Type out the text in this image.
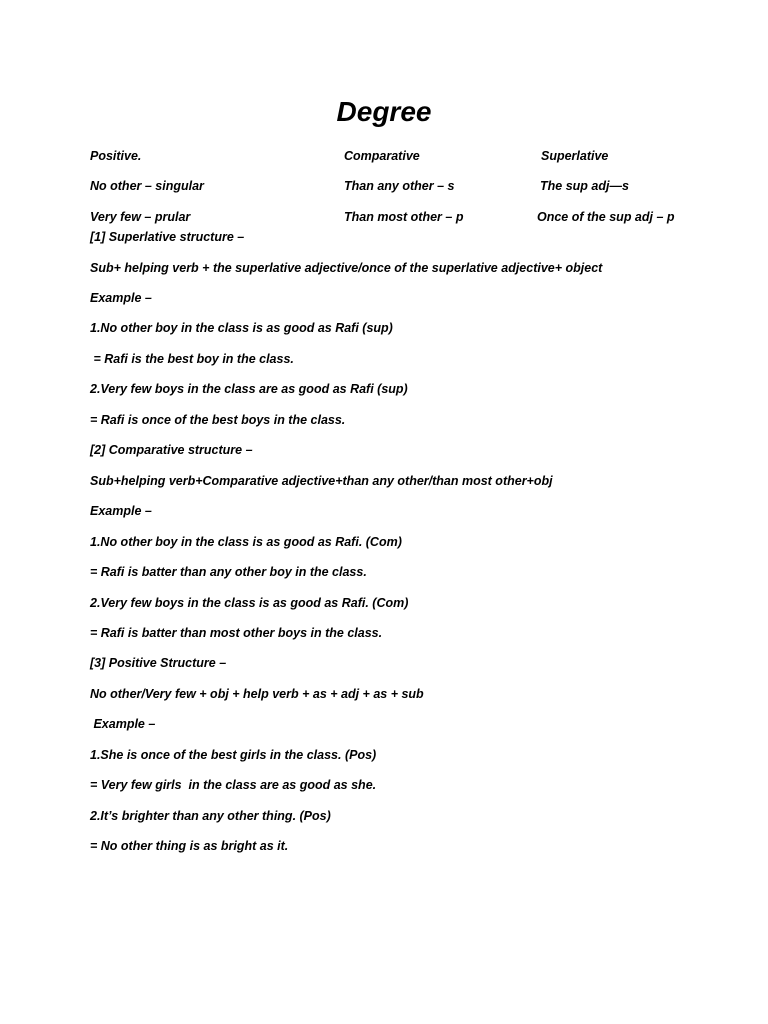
Degree

Positive.	Comparative	Superlative

No other – singular	Than any other – s	The sup adj—s

Very few – prular	Than most other – p	Once of the sup adj – p

[1] Superlative structure –

Sub+ helping verb + the superlative adjective/once of the superlative adjective+ object

Example –

1.No other boy in the class is as good as Rafi (sup)

= Rafi is the best boy in the class.

2.Very few boys in the class are as good as Rafi (sup)

= Rafi is once of the best boys in the class.

[2] Comparative structure –

Sub+helping verb+Comparative adjective+than any other/than most other+obj

Example –

1.No other boy in the class is as good as Rafi. (Com)

= Rafi is batter than any other boy in the class.

2.Very few boys in the class is as good as Rafi. (Com)

= Rafi is batter than most other boys in the class.

[3] Positive Structure –

No other/Very few + obj + help verb + as + adj + as + sub

Example –

1.She is once of the best girls in the class. (Pos)

= Very few girls  in the class are as good as she.

2.It’s brighter than any other thing. (Pos)

= No other thing is as bright as it.
